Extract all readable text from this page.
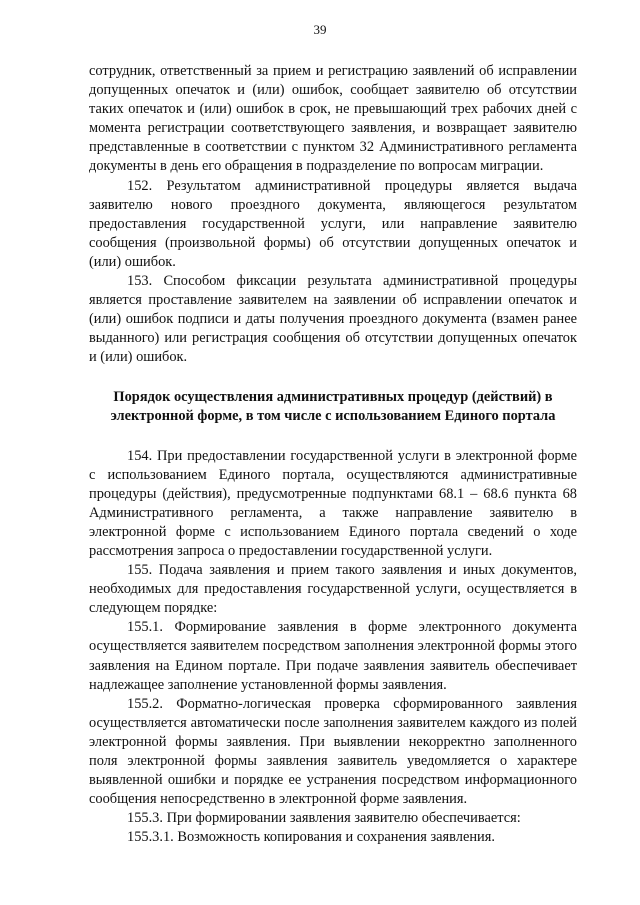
39

сотрудник, ответственный за прием и регистрацию заявлений об исправлении допущенных опечаток и (или) ошибок, сообщает заявителю об отсутствии таких опечаток и (или) ошибок в срок, не превышающий трех рабочих дней с момента регистрации соответствующего заявления, и возвращает заявителю представленные в соответствии с пунктом 32 Административного регламента документы в день его обращения в подразделение по вопросам миграции.

152. Результатом административной процедуры является выдача заявителю нового проездного документа, являющегося результатом предоставления государственной услуги, или направление заявителю сообщения (произвольной формы) об отсутствии допущенных опечаток и (или) ошибок.

153. Способом фиксации результата административной процедуры является проставление заявителем на заявлении об исправлении опечаток и (или) ошибок подписи и даты получения проездного документа (взамен ранее выданного) или регистрация сообщения об отсутствии допущенных опечаток и (или) ошибок.

Порядок осуществления административных процедур (действий) в электронной форме, в том числе с использованием Единого портала

154. При предоставлении государственной услуги в электронной форме с использованием Единого портала, осуществляются административные процедуры (действия), предусмотренные подпунктами 68.1 – 68.6 пункта 68 Административного регламента, а также направление заявителю в электронной форме с использованием Единого портала сведений о ходе рассмотрения запроса о предоставлении государственной услуги.

155. Подача заявления и прием такого заявления и иных документов, необходимых для предоставления государственной услуги, осуществляется в следующем порядке:

155.1. Формирование заявления в форме электронного документа осуществляется заявителем посредством заполнения электронной формы этого заявления на Едином портале. При подаче заявления заявитель обеспечивает надлежащее заполнение установленной формы заявления.

155.2. Форматно-логическая проверка сформированного заявления осуществляется автоматически после заполнения заявителем каждого из полей электронной формы заявления. При выявлении некорректно заполненного поля электронной формы заявления заявитель уведомляется о характере выявленной ошибки и порядке ее устранения посредством информационного сообщения непосредственно в электронной форме заявления.

155.3. При формировании заявления заявителю обеспечивается:

155.3.1. Возможность копирования и сохранения заявления.
